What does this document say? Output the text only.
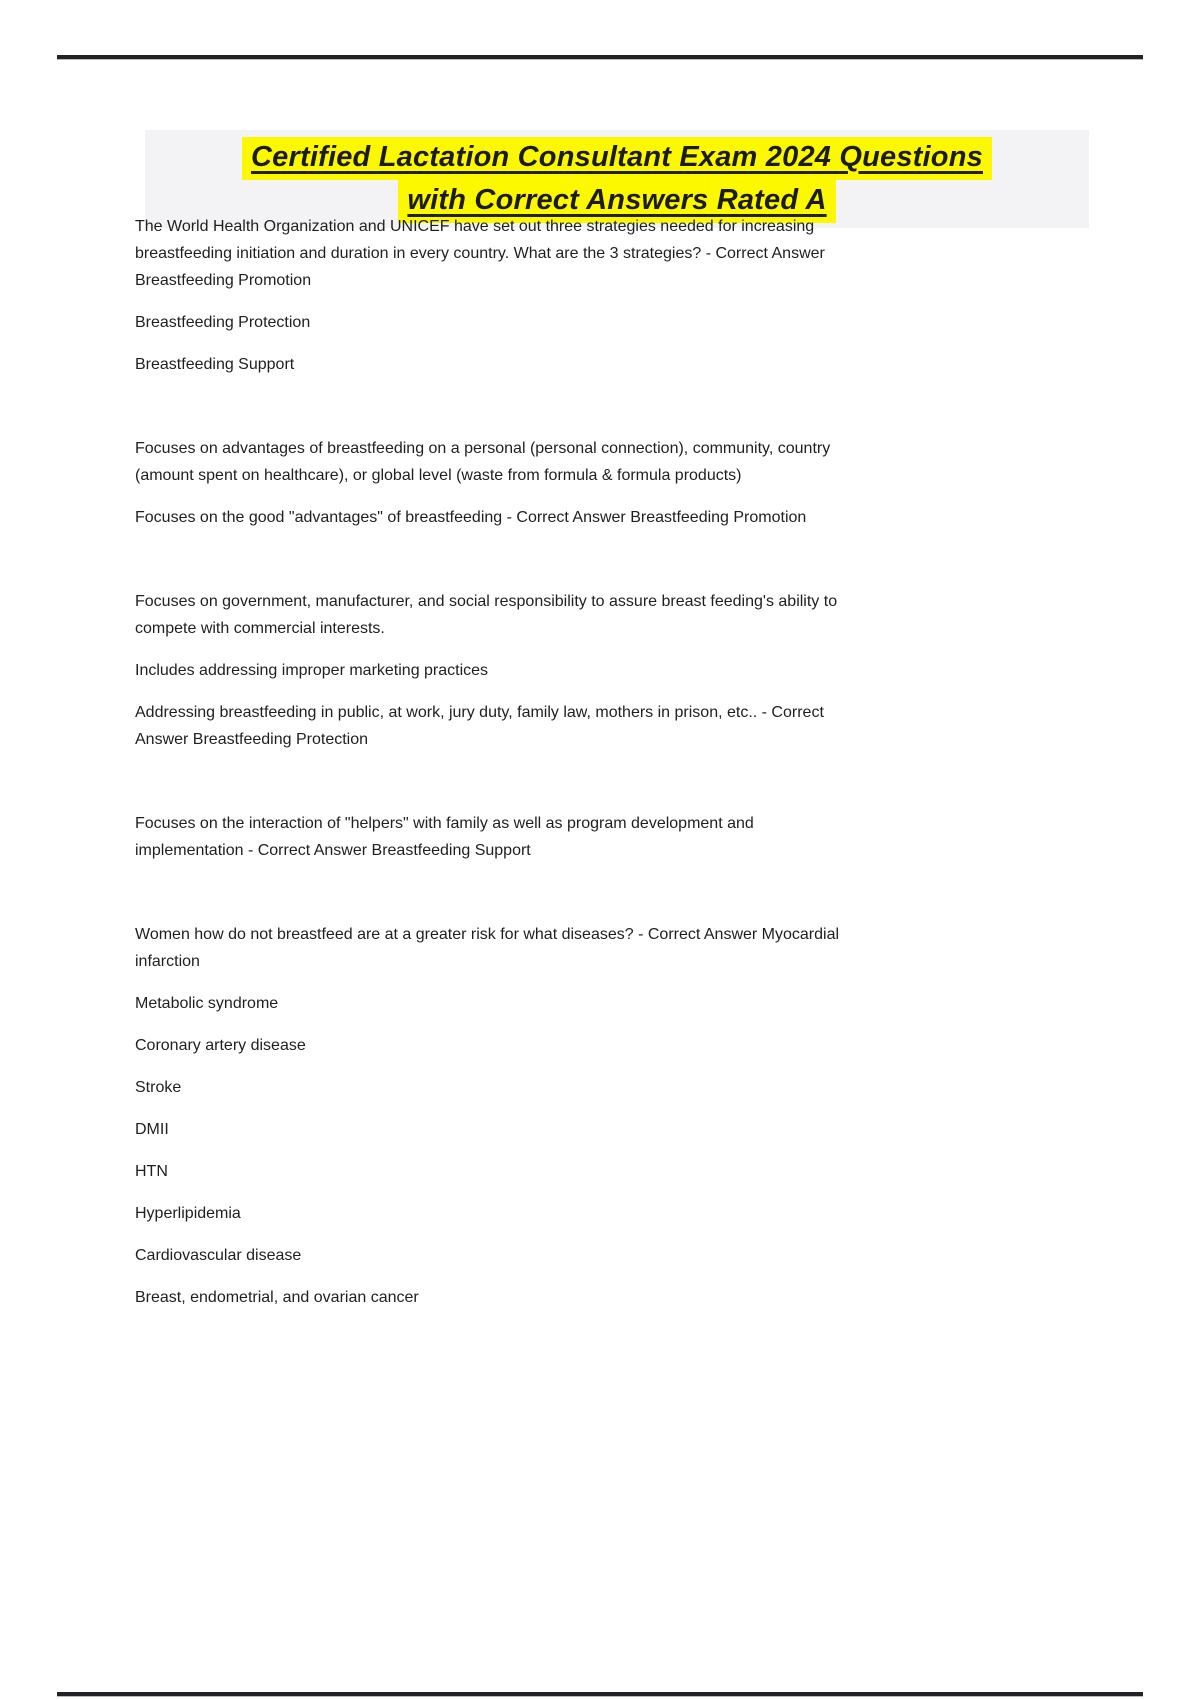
Certified Lactation Consultant Exam 2024 Questions
with Correct Answers Rated A
The World Health Organization and UNICEF have set out three strategies needed for increasing
breastfeeding initiation and duration in every country. What are the 3 strategies? - Correct Answer
Breastfeeding Promotion
Breastfeeding Protection
Breastfeeding Support
Focuses on advantages of breastfeeding on a personal (personal connection), community, country
(amount spent on healthcare), or global level (waste from formula & formula products)
Focuses on the good "advantages" of breastfeeding - Correct Answer Breastfeeding Promotion
Focuses on government, manufacturer, and social responsibility to assure breast feeding's ability to
compete with commercial interests.
Includes addressing improper marketing practices
Addressing breastfeeding in public, at work, jury duty, family law, mothers in prison, etc.. - Correct
Answer Breastfeeding Protection
Focuses on the interaction of "helpers" with family as well as program development and
implementation - Correct Answer Breastfeeding Support
Women how do not breastfeed are at a greater risk for what diseases? - Correct Answer Myocardial
infarction
Metabolic syndrome
Coronary artery disease
Stroke
DMII
HTN
Hyperlipidemia
Cardiovascular disease
Breast, endometrial, and ovarian cancer
